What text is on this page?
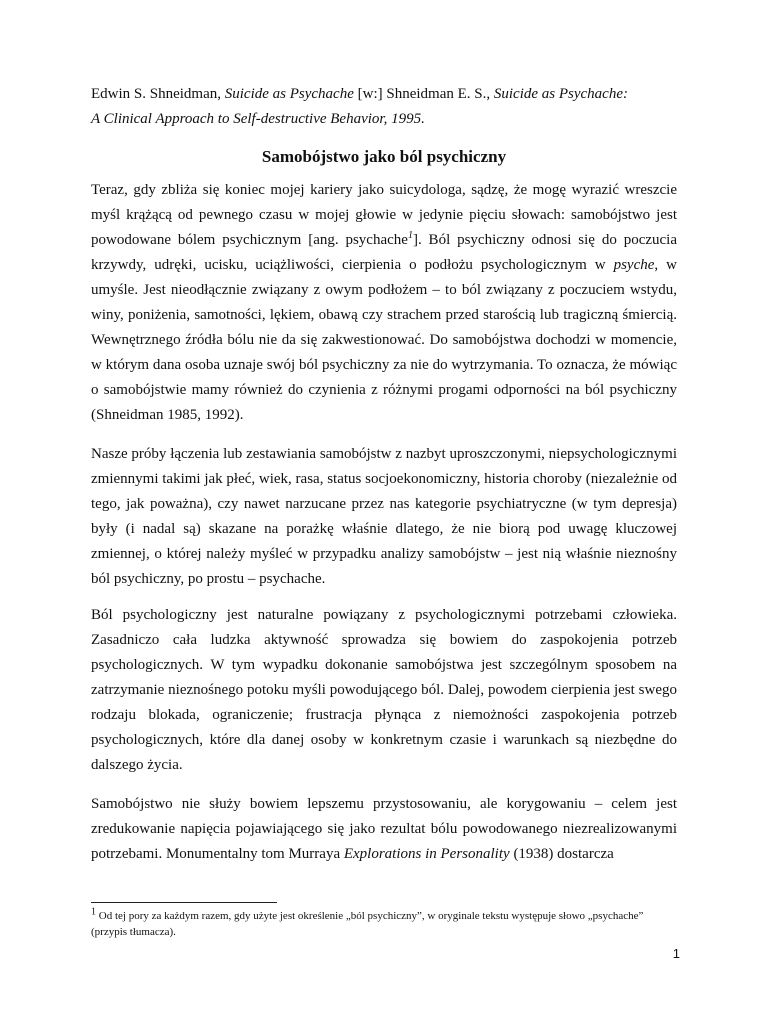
Edwin S. Shneidman, Suicide as Psychache [w:] Shneidman E. S., Suicide as Psychache:
A Clinical Approach to Self-destructive Behavior, 1995.
Samobójstwo jako ból psychiczny

Teraz, gdy zbliża się koniec mojej kariery jako suicydologa, sądzę, że mogę wyrazić wreszcie myśl krążącą od pewnego czasu w mojej głowie w jedynie pięciu słowach: samobójstwo jest powodowane bólem psychicznym [ang. psychache$^1$]. Ból psychiczny odnosi się do poczucia krzywdy, udręki, ucisku, uciążliwości, cierpienia o podłożu psychologicznym w psyche, w umyśle. Jest nieodłącznie związany z owym podłożem – to ból związany z poczuciem wstydu, winy, poniżenia, samotności, lękiem, obawą czy strachem przed starością lub tragiczną śmiercią. Wewnętrznego źródła bólu nie da się zakwestionować. Do samobójstwa dochodzi w momencie, w którym dana osoba uznaje swój ból psychiczny za nie do wytrzymania. To oznacza, że mówiąc o samobójstwie mamy również do czynienia z różnymi progami odporności na ból psychiczny (Shneidman 1985, 1992).

Nasze próby łączenia lub zestawiania samobójstw z nazbyt uproszczonymi, niepsychologicznymi zmiennymi takimi jak płeć, wiek, rasa, status socjoekonomiczny, historia choroby (niezależnie od tego, jak poważna), czy nawet narzucane przez nas kategorie psychiatryczne (w tym depresja) były (i nadal są) skazane na porażkę właśnie dlatego, że nie biorą pod uwagę kluczowej zmiennej, o której należy myśleć w przypadku analizy samobójstw – jest nią właśnie nieznośny ból psychiczny, po prostu – psychache.

Ból psychologiczny jest naturalne powiązany z psychologicznymi potrzebami człowieka. Zasadniczo cała ludzka aktywność sprowadza się bowiem do zaspokojenia potrzeb psychologicznych. W tym wypadku dokonanie samobójstwa jest szczególnym sposobem na zatrzymanie nieznośnego potoku myśli powodującego ból. Dalej, powodem cierpienia jest swego rodzaju blokada, ograniczenie; frustracja płynąca z niemożności zaspokojenia potrzeb psychologicznych, które dla danej osoby w konkretnym czasie i warunkach są niezbędne do dalszego życia.

Samobójstwo nie służy bowiem lepszemu przystosowaniu, ale korygowaniu – celem jest zredukowanie napięcia pojawiającego się jako rezultat bólu powodowanego niezrealizowanymi potrzebami. Monumentalny tom Murraya Explorations in Personality (1938) dostarcza

$^1$ Od tej pory za każdym razem, gdy użyte jest określenie „ból psychiczny”, w oryginale tekstu występuje słowo „psychache” (przypis tłumacza).
1
